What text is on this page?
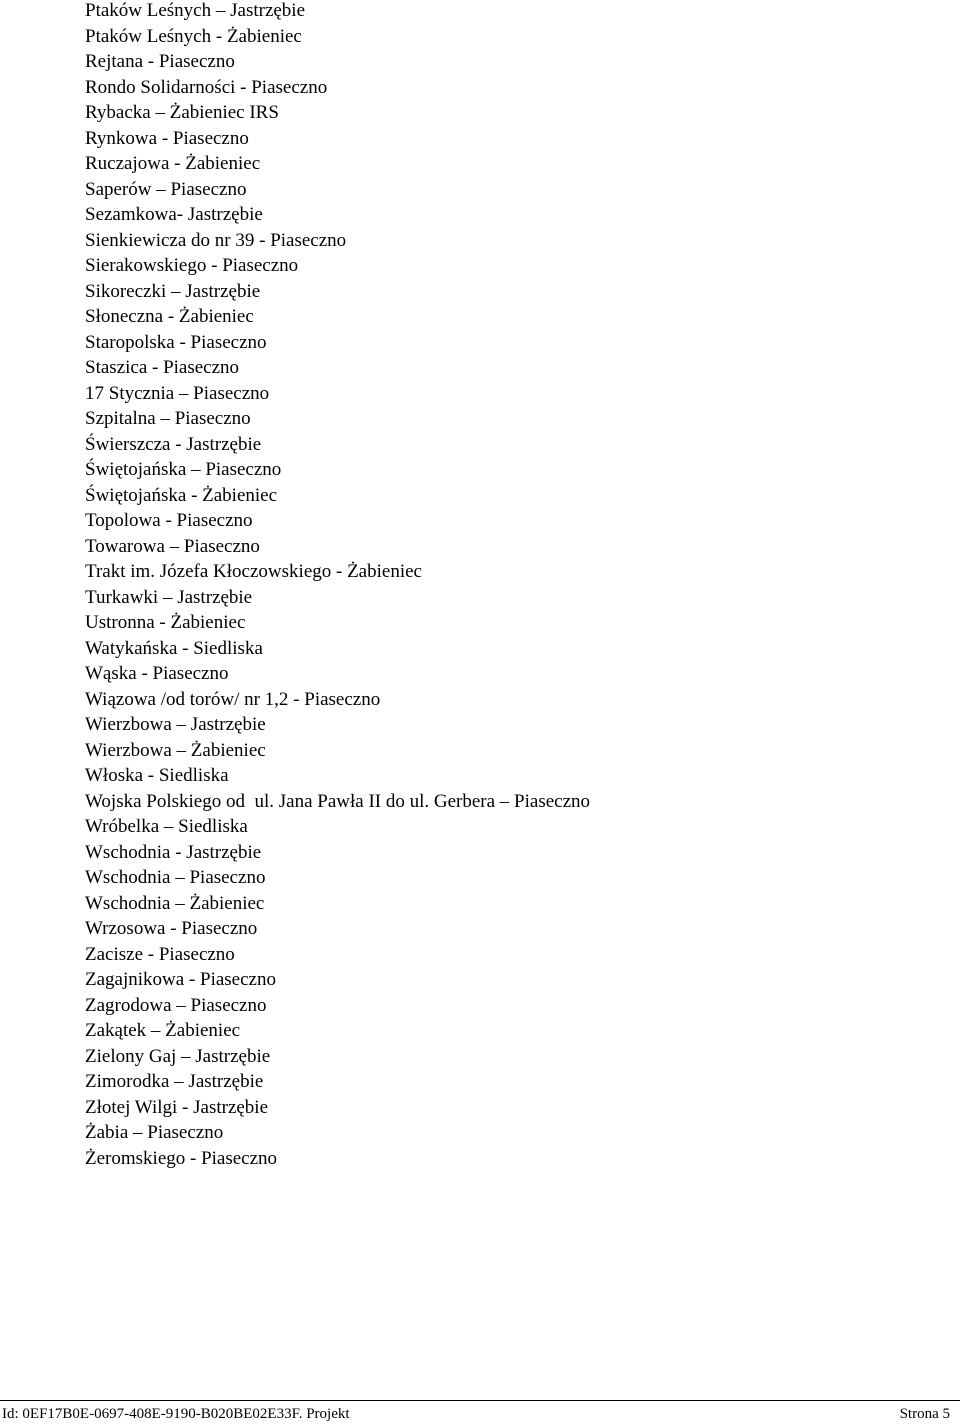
Ptaków Leśnych – Jastrzębie
Ptaków Leśnych - Żabieniec
Rejtana - Piaseczno
Rondo Solidarności - Piaseczno
Rybacka – Żabieniec IRS
Rynkowa - Piaseczno
Ruczajowa - Żabieniec
Saperów – Piaseczno
Sezamkowa- Jastrzębie
Sienkiewicza do nr 39 - Piaseczno
Sierakowskiego - Piaseczno
Sikoreczki – Jastrzębie
Słoneczna - Żabieniec
Staropolska - Piaseczno
Staszica - Piaseczno
17 Stycznia – Piaseczno
Szpitalna – Piaseczno
Świerszcza - Jastrzębie
Świętojańska – Piaseczno
Świętojańska - Żabieniec
Topolowa - Piaseczno
Towarowa – Piaseczno
Trakt im. Józefa Kłoczowskiego - Żabieniec
Turkawki – Jastrzębie
Ustronna - Żabieniec
Watykańska - Siedliska
Wąska - Piaseczno
Wiązowa /od torów/ nr 1,2 - Piaseczno
Wierzbowa – Jastrzębie
Wierzbowa – Żabieniec
Włoska - Siedliska
Wojska Polskiego od  ul. Jana Pawła II do ul. Gerbera – Piaseczno
Wróbelka – Siedliska
Wschodnia - Jastrzębie
Wschodnia – Piaseczno
Wschodnia – Żabieniec
Wrzosowa - Piaseczno
Zacisze - Piaseczno
Zagajnikowa - Piaseczno
Zagrodowa – Piaseczno
Zakątek – Żabieniec
Zielony Gaj – Jastrzębie
Zimorodka – Jastrzębie
Złotej Wilgi - Jastrzębie
Żabia – Piaseczno
Żeromskiego - Piaseczno
Id: 0EF17B0E-0697-408E-9190-B020BE02E33F. Projekt	Strona 5
